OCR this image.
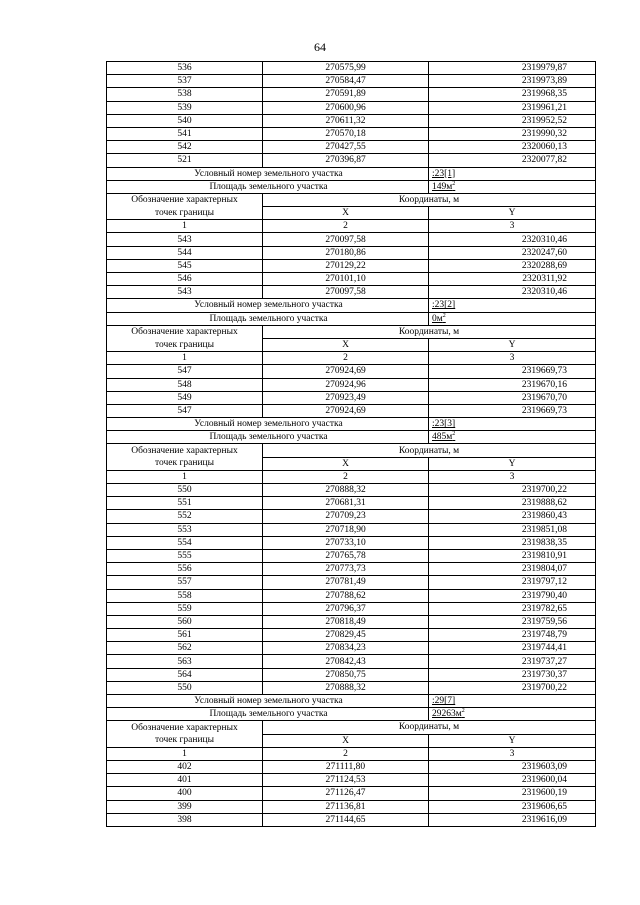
64
536	270575,99	2319979,87
537	270584,47	2319973,89
538	270591,89	2319968,35
539	270600,96	2319961,21
540	270611,32	2319952,52
541	270570,18	2319990,32
542	270427,55	2320060,13
521	270396,87	2320077,82
Условный номер земельного участка		:23[1]
Площадь земельного участка		$149м^2$
Обозначение характерных	Координаты, м	
точек границы	X	Y
1	2	3
543	270097,58	2320310,46
544	270180,86	2320247,60
545	270129,22	2320288,69
546	270101,10	2320311,92
543	270097,58	2320310,46
Условный номер земельного участка		:23[2]
Площадь земельного участка		$0м^2$
Обозначение характерных	Координаты, м	
точек границы	X	Y
1	2	3
547	270924,69	2319669,73
548	270924,96	2319670,16
549	270923,49	2319670,70
547	270924,69	2319669,73
Условный номер земельного участка		:23[3]
Площадь земельного участка		$485м^2$
Обозначение характерных	Координаты, м	
точек границы	X	Y
1	2	3
550	270888,32	2319700,22
551	270681,31	2319888,62
552	270709,23	2319860,43
553	270718,90	2319851,08
554	270733,10	2319838,35
555	270765,78	2319810,91
556	270773,73	2319804,07
557	270781,49	2319797,12
558	270788,62	2319790,40
559	270796,37	2319782,65
560	270818,49	2319759,56
561	270829,45	2319748,79
562	270834,23	2319744,41
563	270842,43	2319737,27
564	270850,75	2319730,37
550	270888,32	2319700,22
Условный номер земельного участка		:29[7]
Площадь земельного участка		$29263м^2$
Обозначение характерных	Координаты, м	
точек границы	X	Y
1	2	3
402	271111,80	2319603,09
401	271124,53	2319600,04
400	271126,47	2319600,19
399	271136,81	2319606,65
398	271144,65	2319616,09
